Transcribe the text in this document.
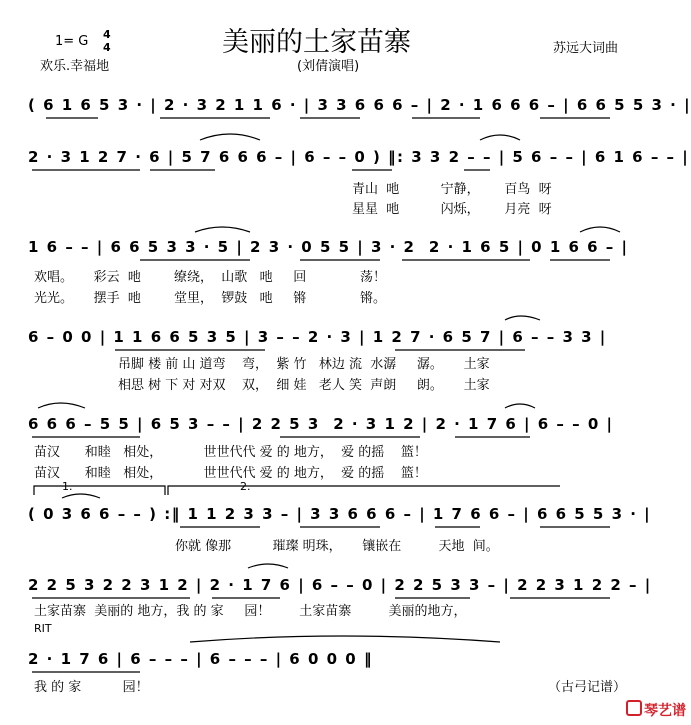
1= G 4
4	美丽的土家苗寨	苏远大词曲
欢乐.幸福地	(刘倩演唱)
( 6 1 6 5 3 · | 2 · 3 2 1 1 6 · | 3 3 6 6 6 – | 2 · 1 6 6 6 – | 6 6 5 5 3 · |
2 · 3 1 2 7 · 6 | 5 7 6 6 6 – | 6 – – 0 ) ‖: 3 3 2 – – | 5 6 – – | 6 1 6 – – |
青山  吔          宁静，      百鸟  呀
星星  吔          闪烁，      月亮  呀
1 6 – – | 6 6 5 3 3 · 5 | 2 3 · 0 5 5 | 3 · 2  2 · 1 6 5 | 0 1 6 6 – |
欢唱。     彩云  吔        缭绕，  山歌   吔     回             荡！
光光。     摆手  吔        堂里，  锣鼓   吔     锵             锵。
6 – 0 0 | 1 1 6 6 5 3 5 | 3 – – 2 · 3 | 1 2 7 · 6 5 7 | 6 – – 3 3 |
吊脚 楼 前 山 道弯    弯，  紫 竹   林边 流  水潺     潺。     土家
相思 树 下 对 对双    双，  细 娃   老人 笑  声朗     朗。     土家
6 6 6 – 5 5 | 6 5 3 – – | 2 2 5 3  2 · 3 1 2 | 2 · 1 7 6 | 6 – – 0 |
苗汉      和睦   相处，          世世代代 爱 的 地方，  爱 的摇    篮！
苗汉      和睦   相处，          世世代代 爱 的 地方，  爱 的摇    篮！
1.	2.
( 0 3 6 6 – – ) :‖ 1 1 2 3 3 – | 3 3 6 6 6 – | 1 7 6 6 – | 6 6 5 5 3 · |
你就 像那          璀璨 明珠，     镶嵌在         天地  间。
2 2 5 3 2 2 3 1 2 | 2 · 1 7 6 | 6 – – 0 | 2 2 5 3 3 – | 2 2 3 1 2 2 – |
土家苗寨  美丽的 地方，我 的 家     园！       土家苗寨         美丽的地方，
RIT
2 · 1 7 6 | 6 – – – | 6 – – – | 6 0 0 0 ‖
我 的 家          园！	（古弓记谱）
琴艺谱
